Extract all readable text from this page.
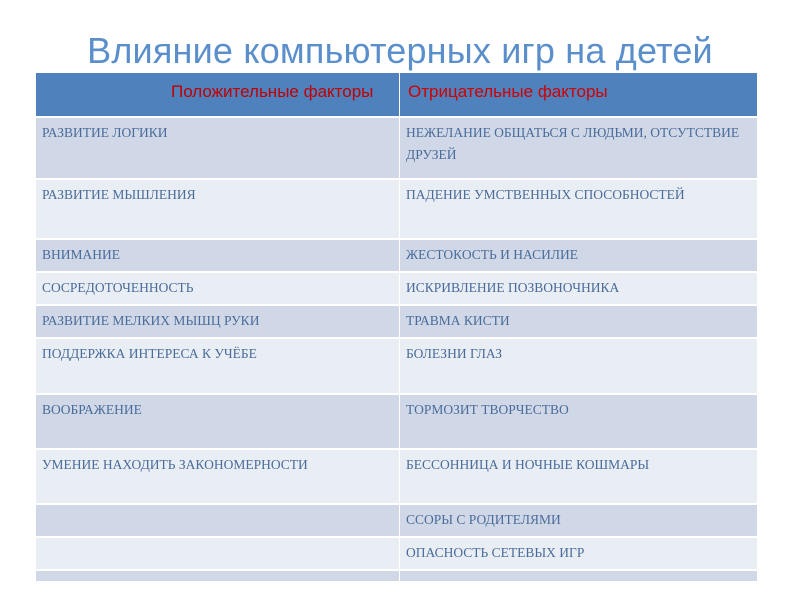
Влияние компьютерных игр на детей
Положительные факторы	Отрицательные факторы
РАЗВИТИЕ ЛОГИКИ	НЕЖЕЛАНИЕ ОБЩАТЬСЯ С ЛЮДЬМИ, ОТСУТСТВИЕ ДРУЗЕЙ
РАЗВИТИЕ МЫШЛЕНИЯ	ПАДЕНИЕ УМСТВЕННЫХ СПОСОБНОСТЕЙ
ВНИМАНИЕ	ЖЕСТОКОСТЬ И НАСИЛИЕ
СОСРЕДОТОЧЕННОСТЬ	ИСКРИВЛЕНИЕ ПОЗВОНОЧНИКА
РАЗВИТИЕ МЕЛКИХ МЫШЦ РУКИ	ТРАВМА КИСТИ
ПОДДЕРЖКА ИНТЕРЕСА К УЧЁБЕ	БОЛЕЗНИ ГЛАЗ
ВООБРАЖЕНИЕ	ТОРМОЗИТ ТВОРЧЕСТВО
УМЕНИЕ НАХОДИТЬ ЗАКОНОМЕРНОСТИ	БЕССОННИЦА И НОЧНЫЕ КОШМАРЫ
	ССОРЫ С РОДИТЕЛЯМИ
	ОПАСНОСТЬ СЕТЕВЫХ ИГР
